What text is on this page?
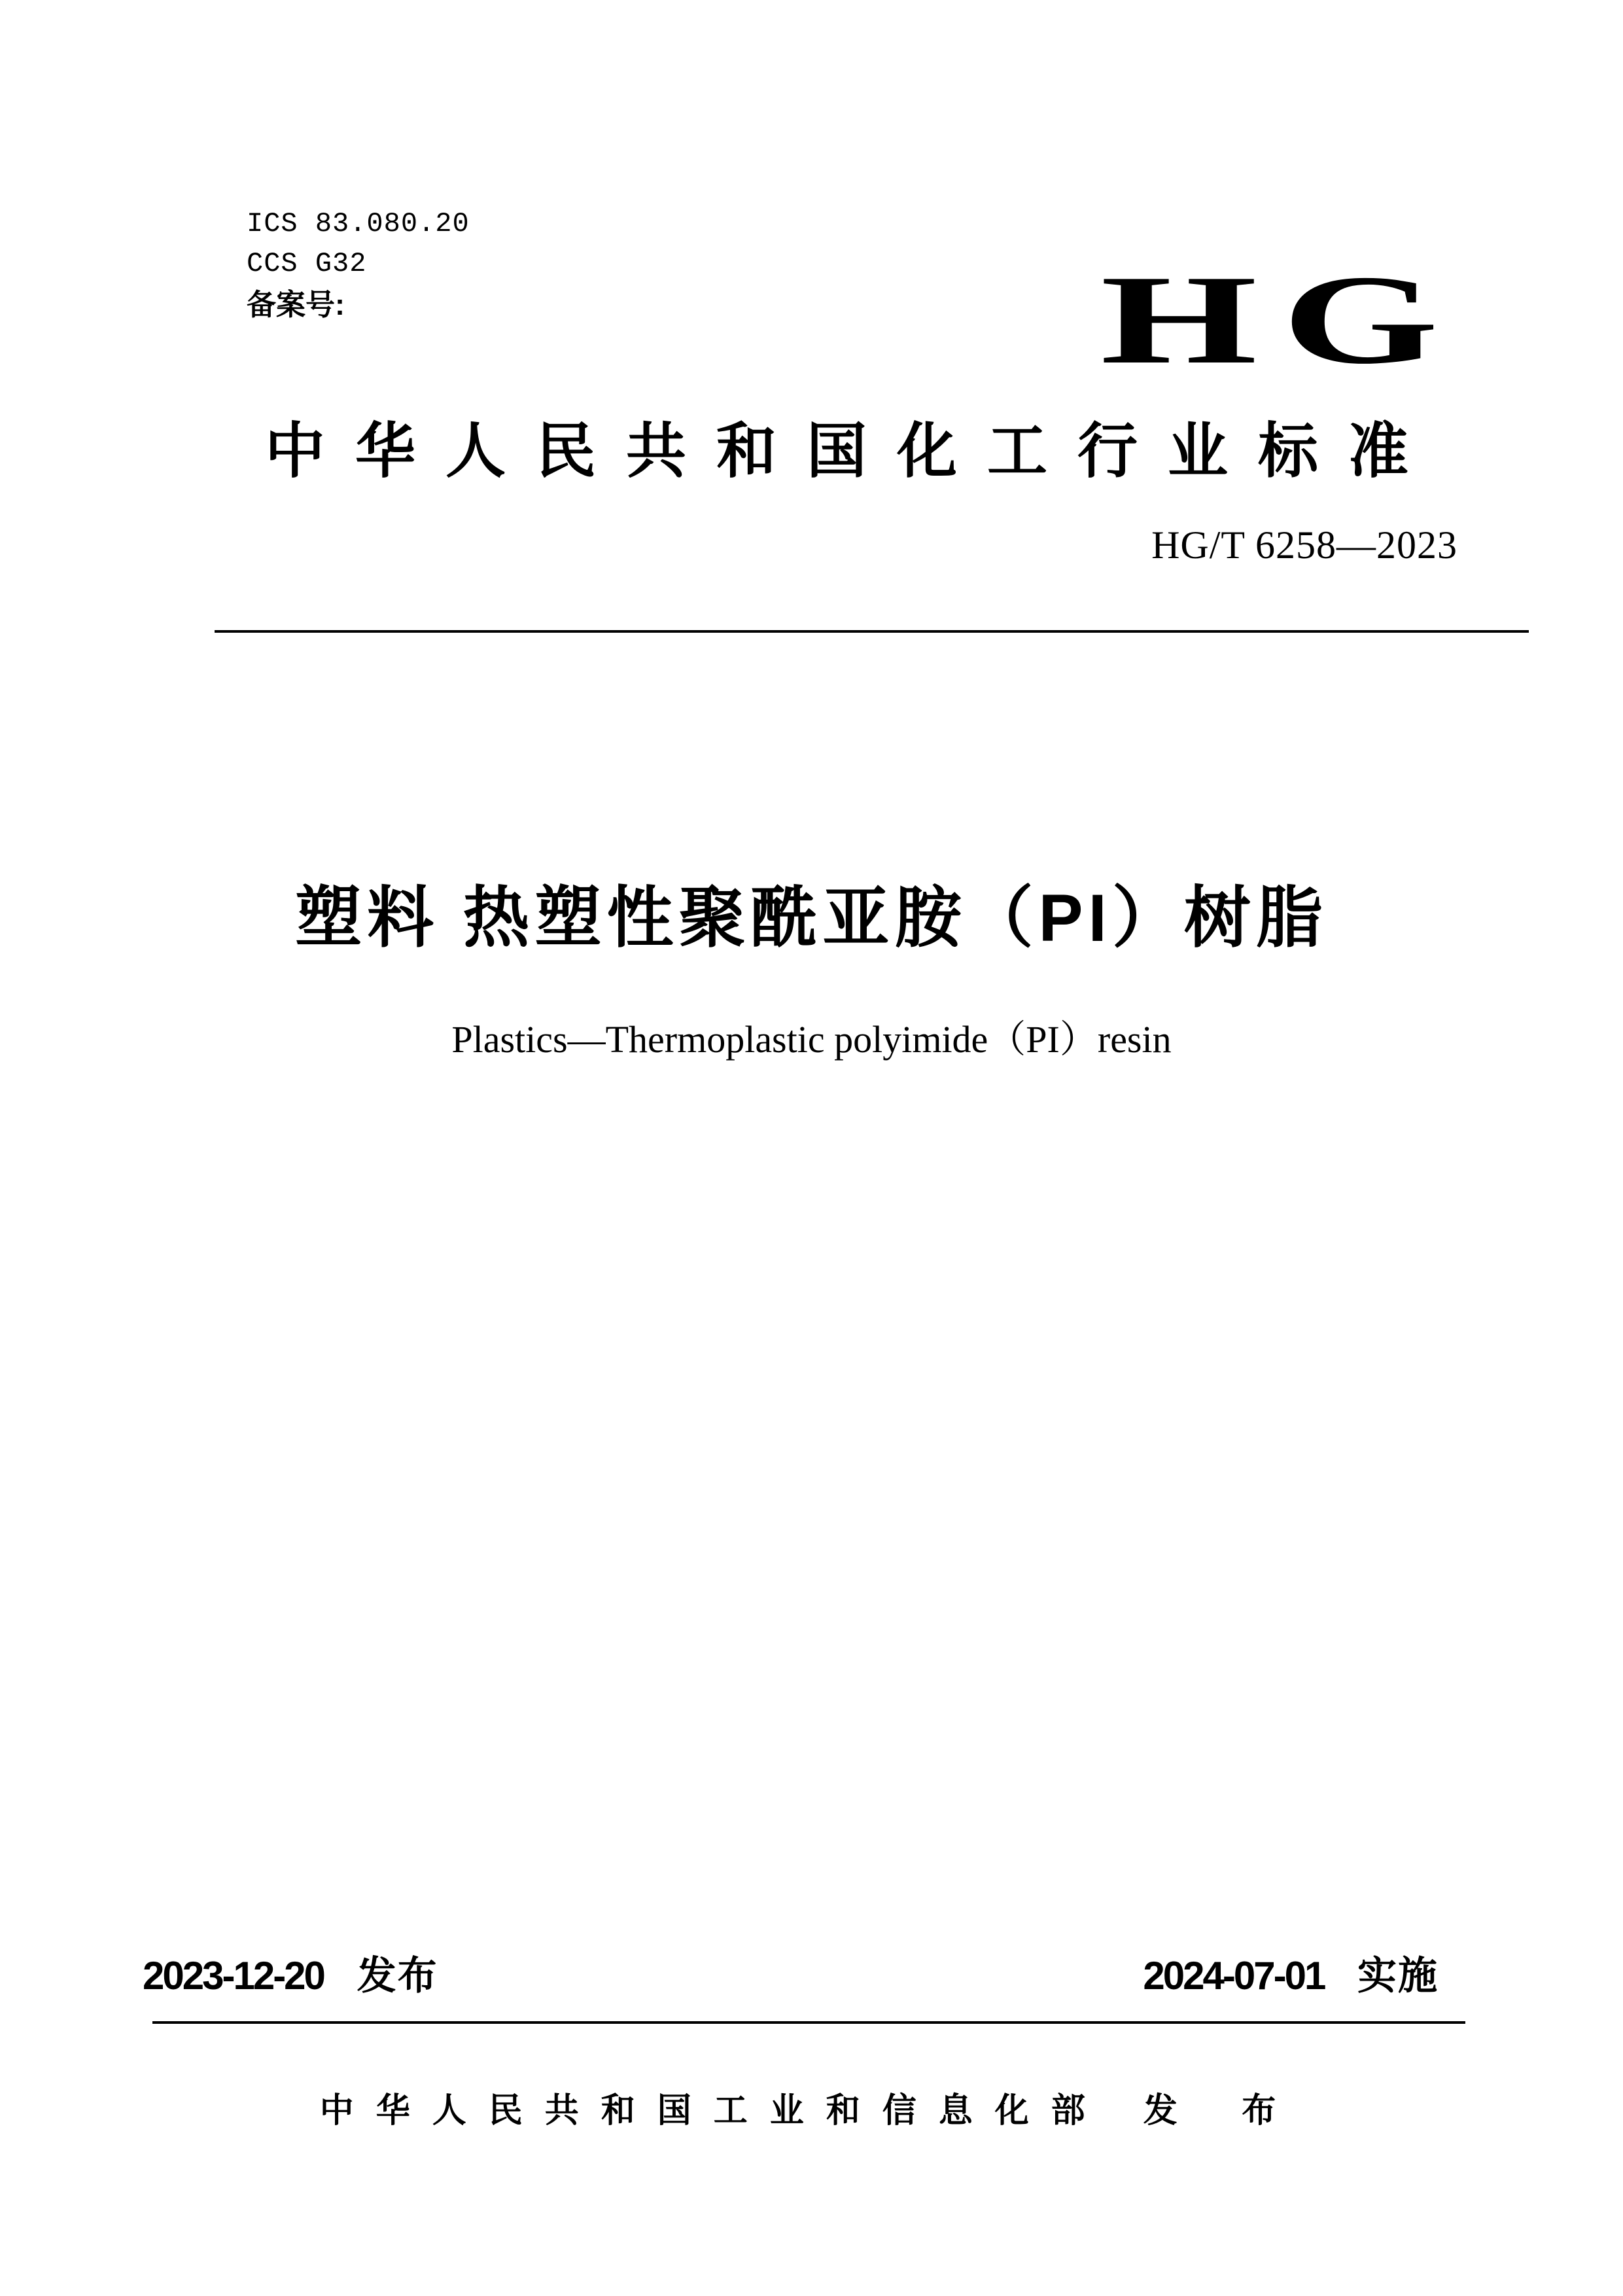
ICS 83.080.20
CCS G32
备案号:	HG
中华人民共和国化工行业标准
HG/T 6258—2023
塑料 热塑性聚酰亚胺（PI）树脂
Plastics—Thermoplastic polyimide（PI）resin
2023-12-20 发布	2024-07-01 实施
中华人民共和国工业和信息化部 发 布
